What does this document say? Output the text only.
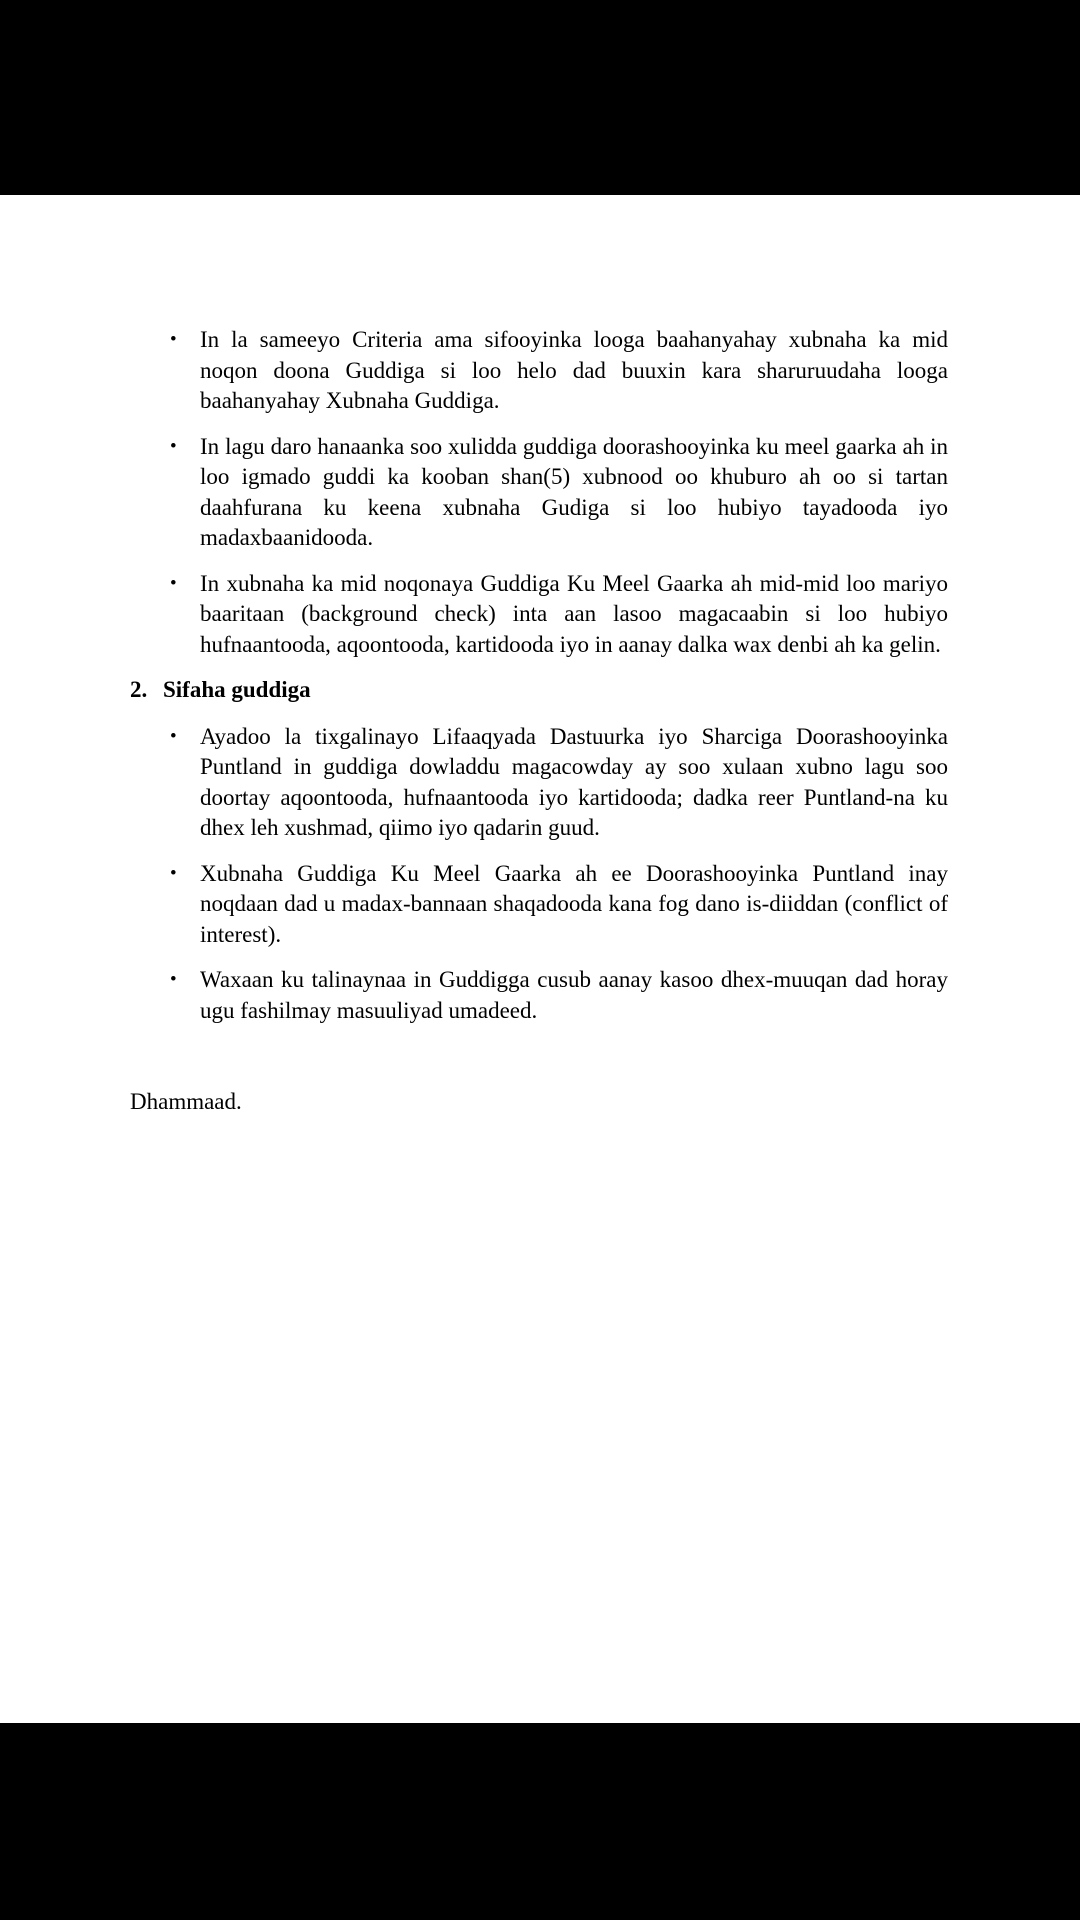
•	In la sameeyo Criteria ama sifooyinka looga baahanyahay xubnaha ka mid noqon doona Guddiga si loo helo dad buuxin kara sharuruudaha looga baahanyahay Xubnaha Guddiga.
•	In lagu daro hanaanka soo xulidda guddiga doorashooyinka ku meel gaarka ah in loo igmado guddi ka kooban shan(5) xubnood oo khuburo ah oo si tartan daahfurana ku keena xubnaha Gudiga si loo hubiyo tayadooda iyo madaxbaanidooda.
•	In xubnaha ka mid noqonaya Guddiga Ku Meel Gaarka ah mid-mid loo mariyo baaritaan (background check) inta aan lasoo magacaabin si loo hubiyo hufnaantooda, aqoontooda, kartidooda iyo in aanay dalka wax denbi ah ka gelin.
2. Sifaha guddiga
•	Ayadoo la tixgalinayo Lifaaqyada Dastuurka iyo Sharciga Doorashooyinka Puntland in guddiga dowladdu magacowday ay soo xulaan xubno lagu soo doortay aqoontooda, hufnaantooda iyo kartidooda; dadka reer Puntland-na ku dhex leh xushmad, qiimo iyo qadarin guud.
•	Xubnaha Guddiga Ku Meel Gaarka ah ee Doorashooyinka Puntland inay noqdaan dad u madax-bannaan shaqadooda kana fog dano is-diiddan (conflict of interest).
•	Waxaan ku talinaynaa in Guddigga cusub aanay kasoo dhex-muuqan dad horay ugu fashilmay masuuliyad umadeed.

Dhammaad.
